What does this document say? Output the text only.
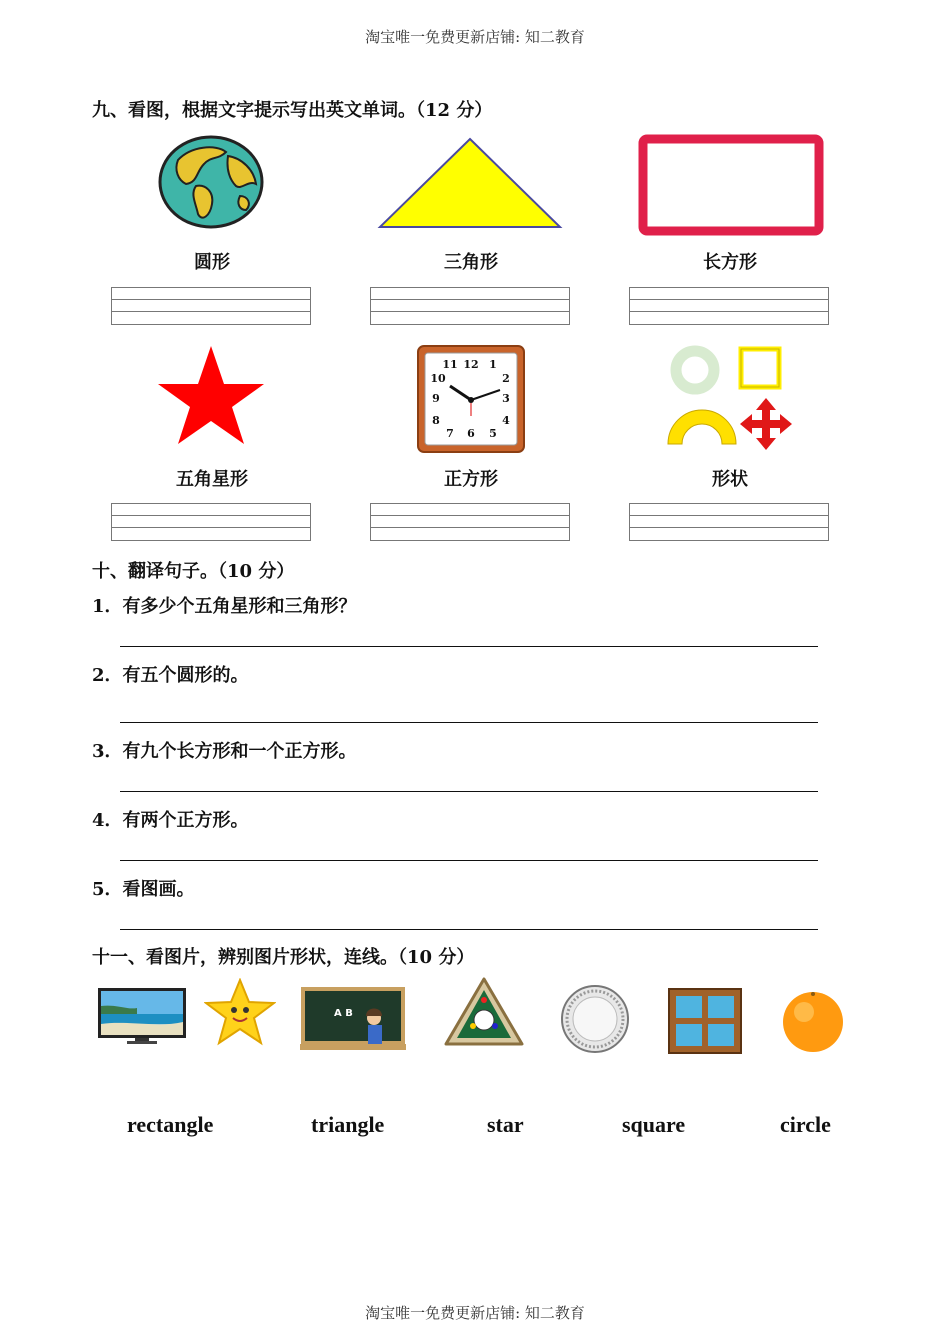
淘宝唯一免费更新店铺: 知二教育
九、看图，根据文字提示写出英文单词。（12 分）
圆形	三角形	长方形
12 1
11
2
3
4
5
6
7
8
9
10
五角星形	正方形	形状
十、翻译句子。（10 分）
1．有多少个五角星形和三角形？
2．有五个圆形的。
3．有九个长方形和一个正方形。
4．有两个正方形。
5．看图画。
十一、看图片，辨别图片形状，连线。（10 分）
A B
rectangle	triangle	star	square	circle
淘宝唯一免费更新店铺: 知二教育
